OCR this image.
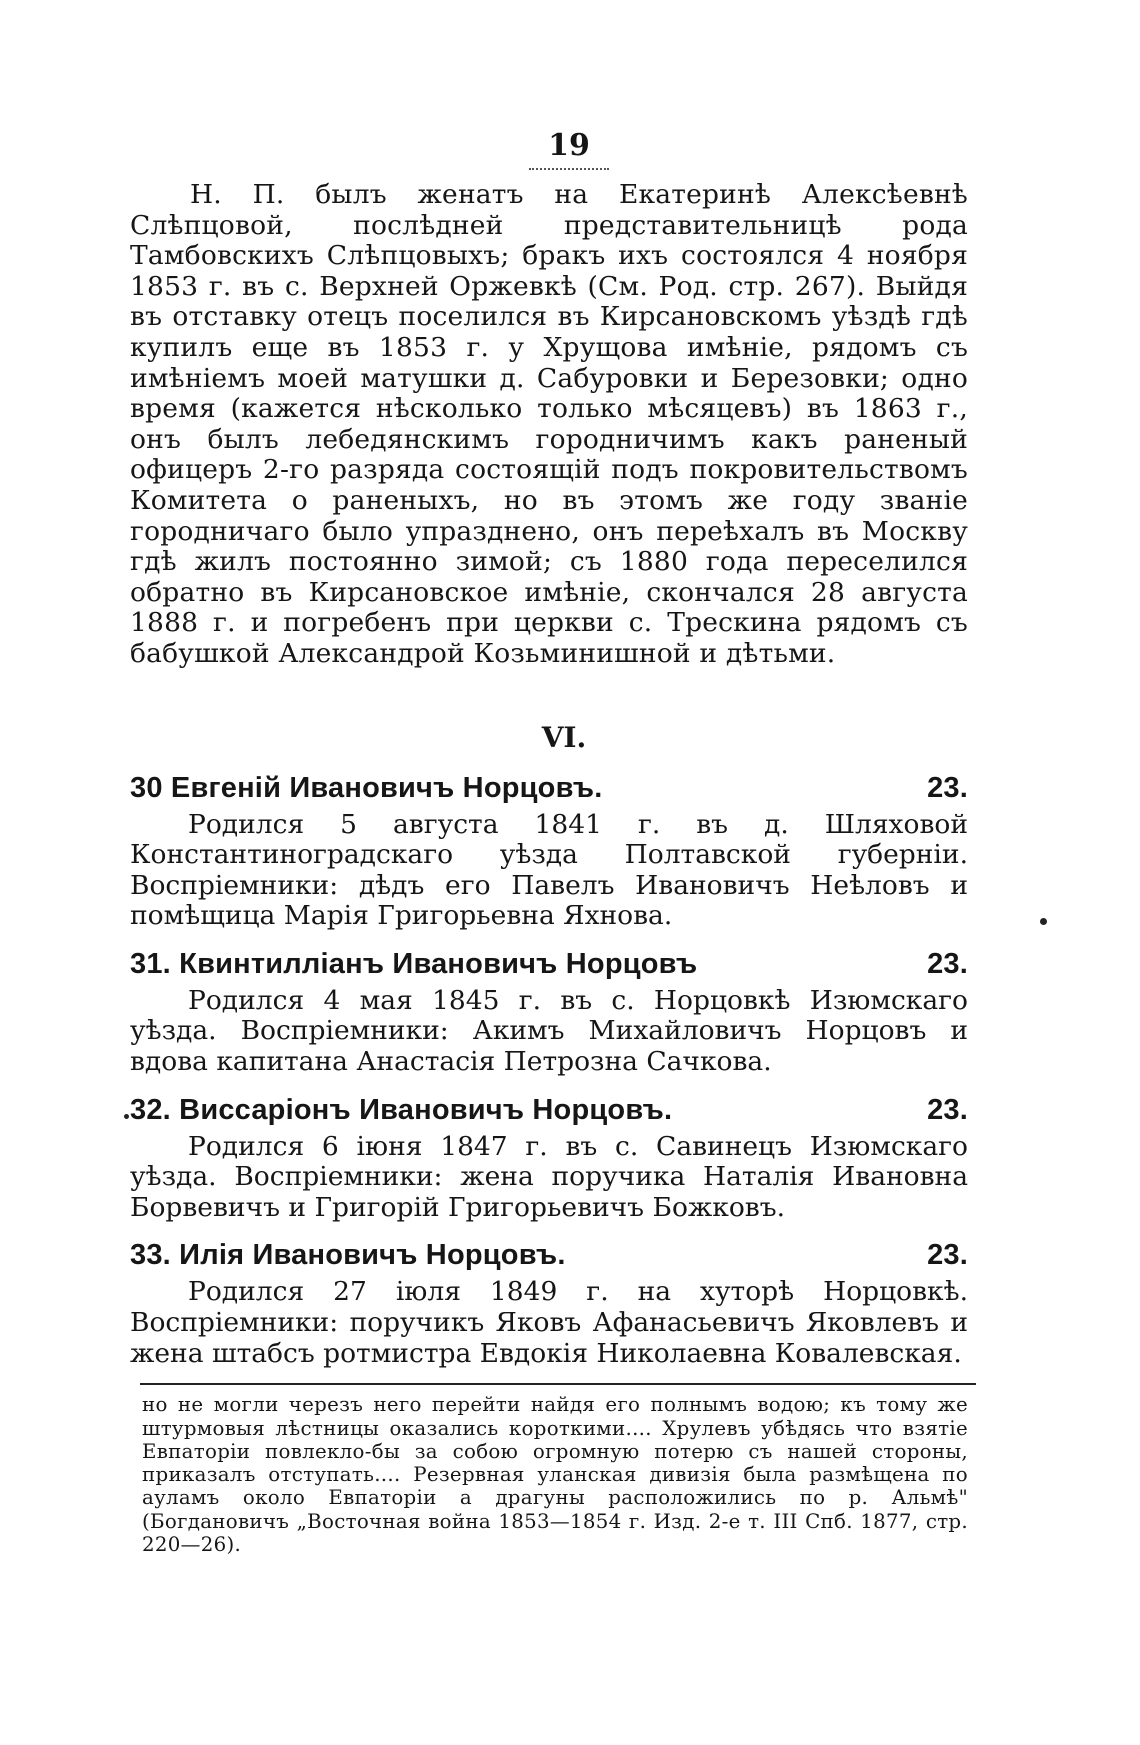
19

Н. П. былъ женатъ на Екатеринѣ Алексѣевнѣ Слѣпцовой, послѣдней представительницѣ рода Тамбовскихъ Слѣпцовыхъ; бракъ ихъ состоялся 4 ноября 1853 г. въ с. Верхней Оржевкѣ (См. Род. стр. 267). Выйдя въ отставку отецъ поселился въ Кирсановскомъ уѣздѣ гдѣ купилъ еще въ 1853 г. у Хрущова имѣніе, рядомъ съ имѣніемъ моей матушки д. Сабуровки и Березовки; одно время (кажется нѣсколько только мѣсяцевъ) въ 1863 г., онъ былъ лебедянскимъ городничимъ какъ раненый офицеръ 2-го разряда состоящій подъ покровительствомъ Комитета о раненыхъ, но въ этомъ же году званіе городничаго было упразднено, онъ переѣхалъ въ Москву гдѣ жилъ постоянно зимой; съ 1880 года переселился обратно въ Кирсановское имѣніе, скончался 28 августа 1888 г. и погребенъ при церкви с. Трескина рядомъ съ бабушкой Александрой Козьминишной и дѣтьми.

VI.
30 Евгеній Ивановичъ Норцовъ.	23.

Родился 5 августа 1841 г. въ д. Шляховой Константиноградскаго уѣзда Полтавской губерніи. Воспріемники: дѣдъ его Павелъ Ивановичъ Неѣловъ и помѣщица Марія Григорьевна Яхнова.

31. Квинтилліанъ Ивановичъ Норцовъ	23.

Родился 4 мая 1845 г. въ с. Норцовкѣ Изюмскаго уѣзда. Воспріемники: Акимъ Михайловичъ Норцовъ и вдова капитана Анастасія Петрозна Сачкова.

32. Виссаріонъ Ивановичъ Норцовъ.	23.

Родился 6 іюня 1847 г. въ с. Савинецъ Изюмскаго уѣзда. Воспріемники: жена поручика Наталія Ивановна Борвевичъ и Григорій Григорьевичъ Божковъ.

33. Илія Ивановичъ Норцовъ.	23.

Родился 27 іюля 1849 г. на хуторѣ Норцовкѣ. Воспріемники: поручикъ Яковъ Афанасьевичъ Яковлевъ и жена штабсъ ротмистра Евдокія Николаевна Ковалевская.

но не могли черезъ него перейти найдя его полнымъ водою; къ тому же штурмовыя лѣстницы оказались короткими.... Хрулевъ убѣдясь что взятіе Евпаторіи повлекло-бы за собою огромную потерю съ нашей стороны, приказалъ отступать.... Резервная уланская дивизія была размѣщена по ауламъ около Евпаторіи а драгуны расположились по р. Альмѣ" (Богдановичъ „Восточная война 1853—1854 г. Изд. 2-е т. III Спб. 1877, стр. 220—26).
